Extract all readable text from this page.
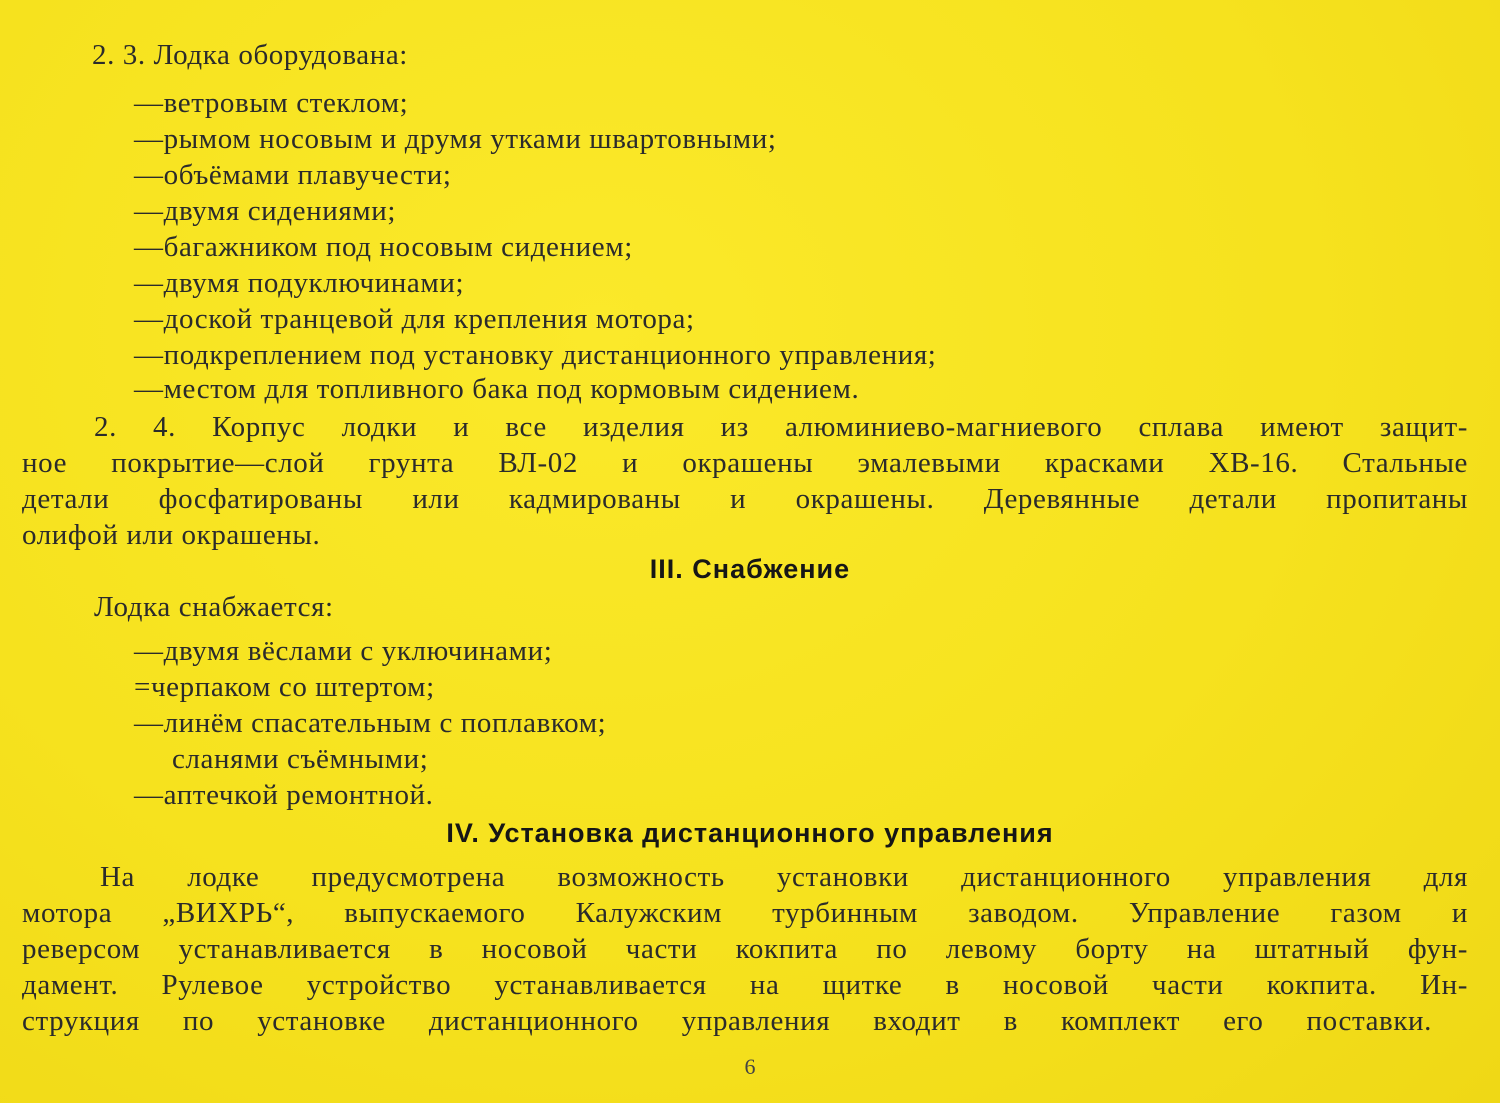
2. 3. Лодка оборудована:
—ветровым стеклом;
—рымом носовым и друмя утками швартовными;
—объёмами плавучести;
—двумя сидениями;
—багажником под носовым сидением;
—двумя подуключинами;
—доской транцевой для крепления мотора;
—подкреплением под установку дистанционного управления;
—местом для топливного бака под кормовым сидением.
2. 4. Корпус лодки и все изделия из алюминиево-магниевого сплава имеют защит-
ное покрытие—слой грунта ВЛ-02 и окрашены эмалевыми красками ХВ-16. Стальные
детали фосфатированы или кадмированы и окрашены. Деревянные детали пропитаны
олифой или окрашены.
III. Снабжение
Лодка снабжается:
—двумя вёслами с уключинами;
=черпаком со штертом;
—линём спасательным с поплавком;
сланями съёмными;
—аптечкой ремонтной.
IV. Установка дистанционного управления
На лодке предусмотрена возможность установки дистанционного управления для
мотора „ВИХРЬ“, выпускаемого Калужским турбинным заводом. Управление газом и
реверсом устанавливается в носовой части кокпита по левому борту на штатный фун-
дамент. Рулевое устройство устанавливается на щитке в носовой части кокпита. Ин-
струкция по установке дистанционного управления входит в комплект его поставки.
6
